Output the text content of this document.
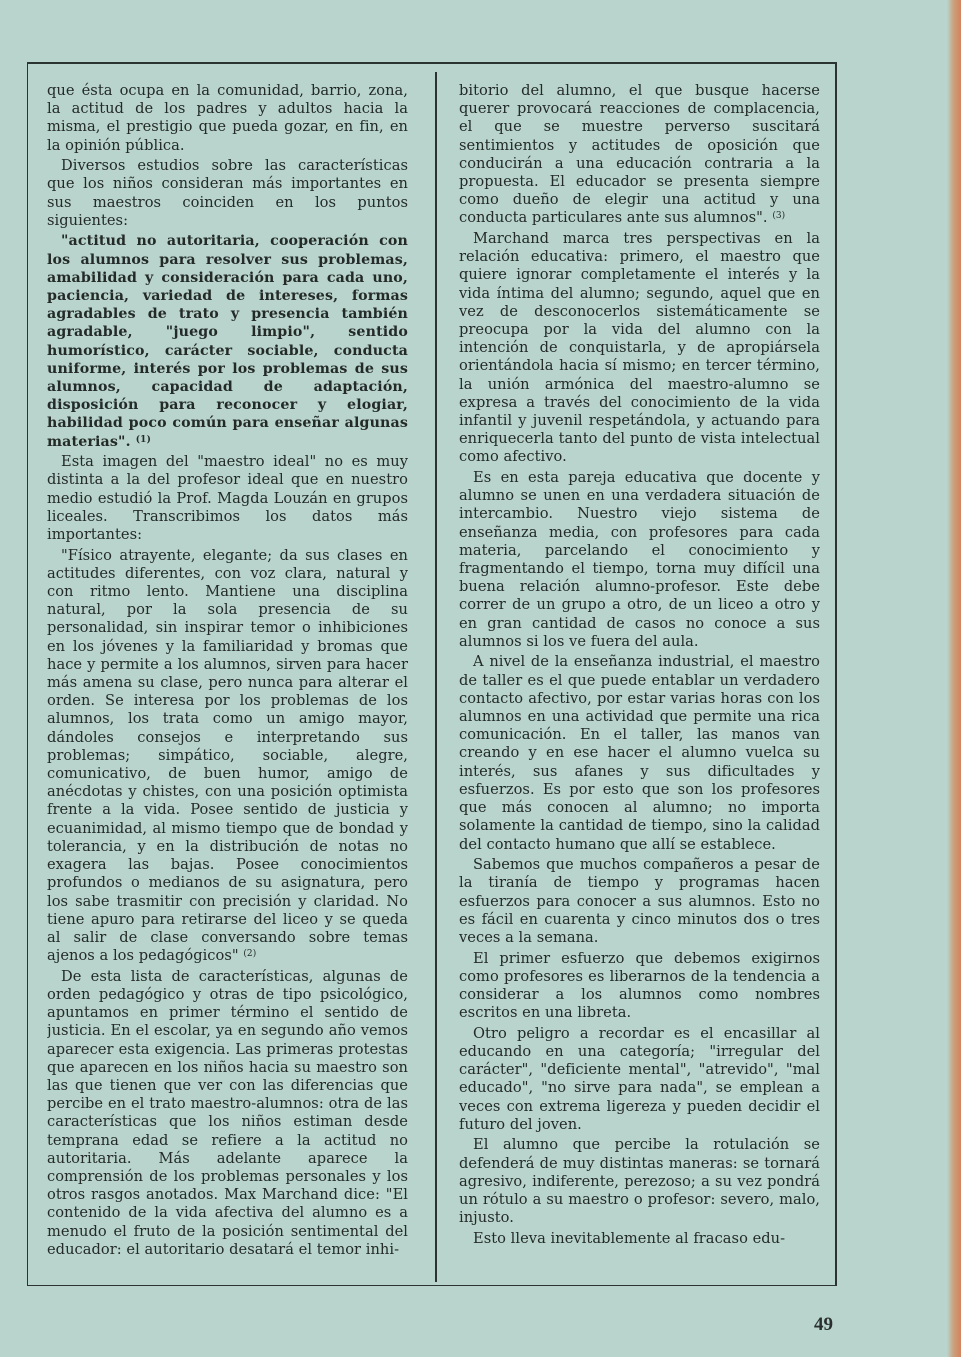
que ésta ocupa en la comunidad, barrio, zona, la actitud de los padres y adultos hacia la misma, el prestigio que pueda gozar, en fin, en la opinión pública.

Diversos estudios sobre las características que los niños consideran más importantes en sus maestros coinciden en los puntos siguientes:

"actitud no autoritaria, cooperación con los alumnos para resolver sus problemas, amabilidad y consideración para cada uno, paciencia, variedad de intereses, formas agradables de trato y presencia también agradable, "juego limpio", sentido humorístico, carácter sociable, conducta uniforme, interés por los problemas de sus alumnos, capacidad de adaptación, disposición para reconocer y elogiar, habilidad poco común para enseñar algunas materias". $^{(1)}$

Esta imagen del "maestro ideal" no es muy distinta a la del profesor ideal que en nuestro medio estudió la Prof. Magda Louzán en grupos liceales. Transcribimos los datos más importantes:

"Físico atrayente, elegante; da sus clases en actitudes diferentes, con voz clara, natural y con ritmo lento. Mantiene una disciplina natural, por la sola presencia de su personalidad, sin inspirar temor o inhibiciones en los jóvenes y la familiaridad y bromas que hace y permite a los alumnos, sirven para hacer más amena su clase, pero nunca para alterar el orden. Se interesa por los problemas de los alumnos, los trata como un amigo mayor, dándoles consejos e interpretando sus problemas; simpático, sociable, alegre, comunicativo, de buen humor, amigo de anécdotas y chistes, con una posición optimista frente a la vida. Posee sentido de justicia y ecuanimidad, al mismo tiempo que de bondad y tolerancia, y en la distribución de notas no exagera las bajas. Posee conocimientos profundos o medianos de su asignatura, pero los sabe trasmitir con precisión y claridad. No tiene apuro para retirarse del liceo y se queda al salir de clase conversando sobre temas ajenos a los pedagógicos" $^{(2)}$

De esta lista de características, algunas de orden pedagógico y otras de tipo psicológico, apuntamos en primer término el sentido de justicia. En el escolar, ya en segundo año vemos aparecer esta exigencia. Las primeras protestas que aparecen en los niños hacia su maestro son las que tienen que ver con las diferencias que percibe en el trato maestro-alumnos: otra de las características que los niños estiman desde temprana edad se refiere a la actitud no autoritaria. Más adelante aparece la comprensión de los problemas personales y los otros rasgos anotados. Max Marchand dice: "El contenido de la vida afectiva del alumno es a menudo el fruto de la posición sentimental del educador: el autoritario desatará el temor inhi-

bitorio del alumno, el que busque hacerse querer provocará reacciones de complacencia, el que se muestre perverso suscitará sentimientos y actitudes de oposición que conducirán a una educación contraria a la propuesta. El educador se presenta siempre como dueño de elegir una actitud y una conducta particulares ante sus alumnos". $^{(3)}$

Marchand marca tres perspectivas en la relación educativa: primero, el maestro que quiere ignorar completamente el interés y la vida íntima del alumno; segundo, aquel que en vez de desconocerlos sistemáticamente se preocupa por la vida del alumno con la intención de conquistarla, y de apropiársela orientándola hacia sí mismo; en tercer término, la unión armónica del maestro-alumno se expresa a través del conocimiento de la vida infantil y juvenil respetándola, y actuando para enriquecerla tanto del punto de vista intelectual como afectivo.

Es en esta pareja educativa que docente y alumno se unen en una verdadera situación de intercambio. Nuestro viejo sistema de enseñanza media, con profesores para cada materia, parcelando el conocimiento y fragmentando el tiempo, torna muy difícil una buena relación alumno-profesor. Este debe correr de un grupo a otro, de un liceo a otro y en gran cantidad de casos no conoce a sus alumnos si los ve fuera del aula.

A nivel de la enseñanza industrial, el maestro de taller es el que puede entablar un verdadero contacto afectivo, por estar varias horas con los alumnos en una actividad que permite una rica comunicación. En el taller, las manos van creando y en ese hacer el alumno vuelca su interés, sus afanes y sus dificultades y esfuerzos. Es por esto que son los profesores que más conocen al alumno; no importa solamente la cantidad de tiempo, sino la calidad del contacto humano que allí se establece.

Sabemos que muchos compañeros a pesar de la tiranía de tiempo y programas hacen esfuerzos para conocer a sus alumnos. Esto no es fácil en cuarenta y cinco minutos dos o tres veces a la semana.

El primer esfuerzo que debemos exigirnos como profesores es liberarnos de la tendencia a considerar a los alumnos como nombres escritos en una libreta.

Otro peligro a recordar es el encasillar al educando en una categoría; "irregular del carácter", "deficiente mental", "atrevido", "mal educado", "no sirve para nada", se emplean a veces con extrema ligereza y pueden decidir el futuro del joven.

El alumno que percibe la rotulación se defenderá de muy distintas maneras: se tornará agresivo, indiferente, perezoso; a su vez pondrá un rótulo a su maestro o profesor: severo, malo, injusto.

Esto lleva inevitablemente al fracaso edu-

49
